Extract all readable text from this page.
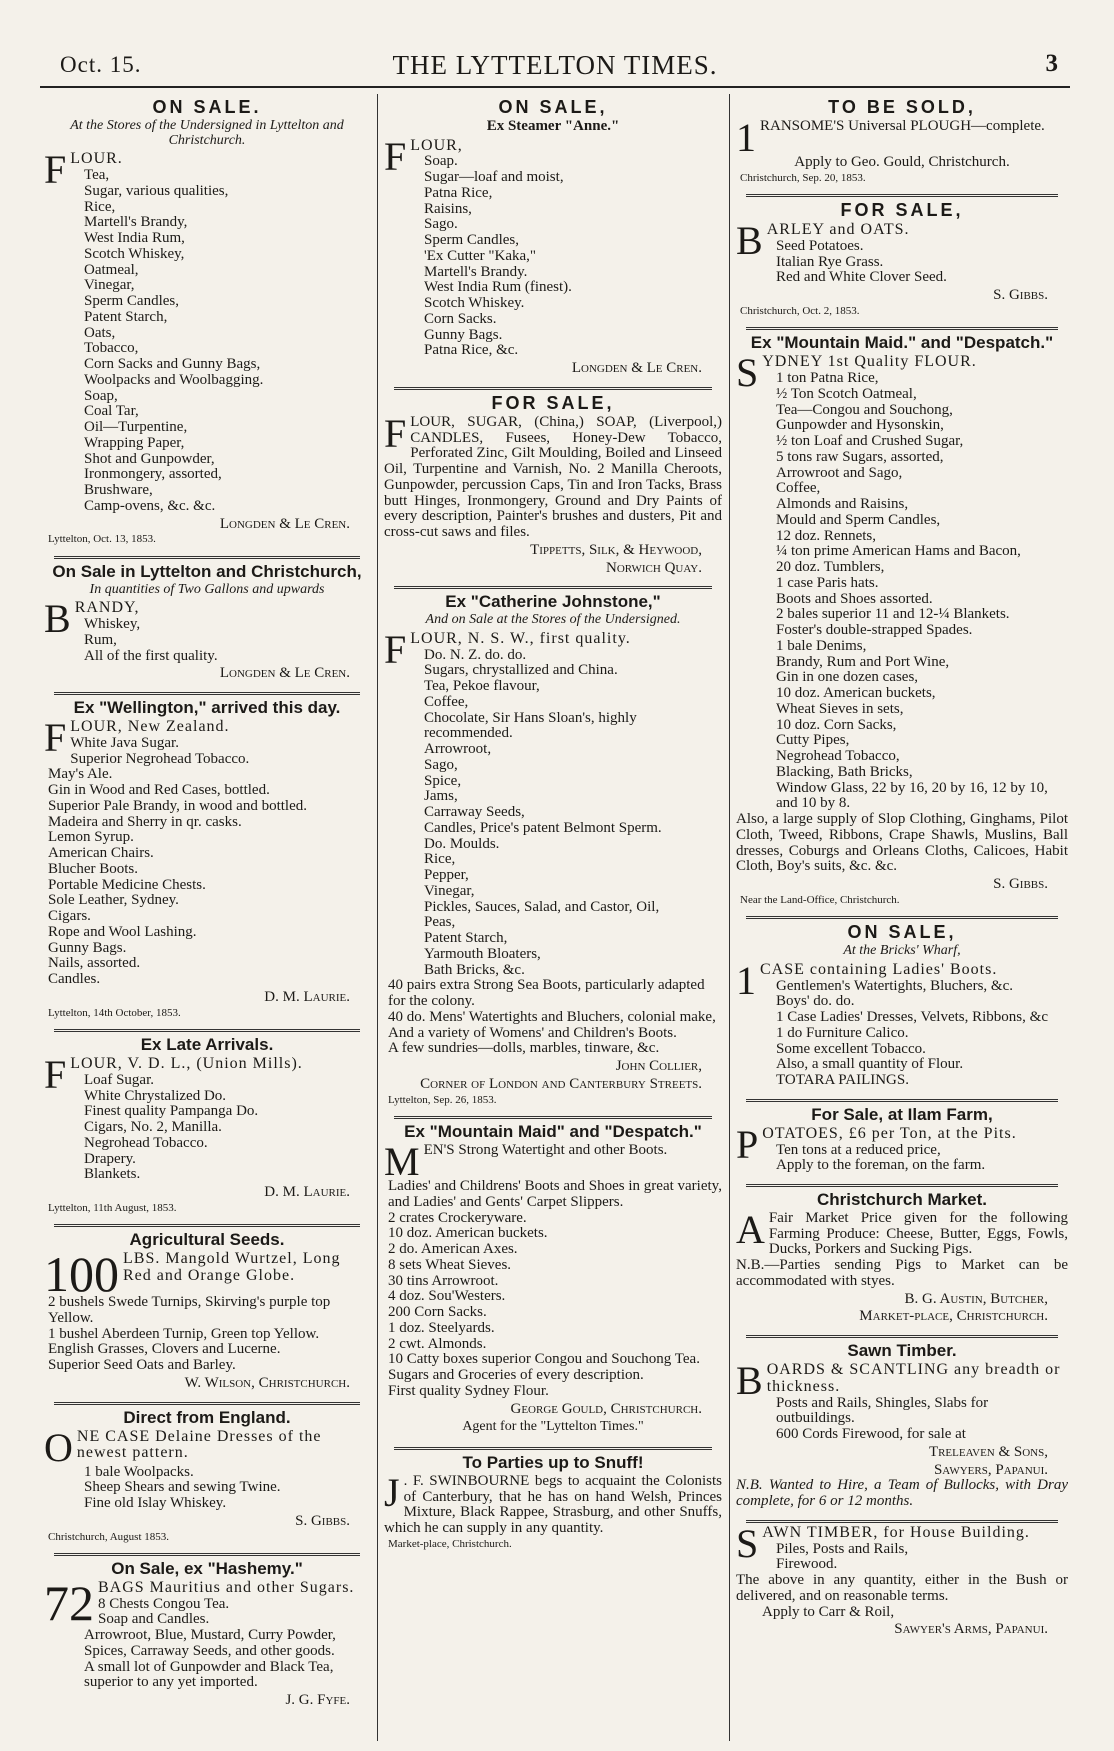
Oct. 15.	THE LYTTELTON TIMES.	3
ON SALE.
At the Stores of the Undersigned in Lyttelton and Christchurch.
F LOUR.
Tea,
Sugar, various qualities,
Rice,
Martell's Brandy,
West India Rum,
Scotch Whiskey,
Oatmeal,
Vinegar,
Sperm Candles,
Patent Starch,
Oats,
Tobacco,
Corn Sacks and Gunny Bags,
Woolpacks and Woolbagging.
Soap,
Coal Tar,
Oil—Turpentine,
Wrapping Paper,
Shot and Gunpowder,
Ironmongery, assorted,
Brushware,
Camp-ovens, &c. &c.
Longden & Le Cren.
Lyttelton, Oct. 13, 1853.
On Sale in Lyttelton and Christchurch,
In quantities of Two Gallons and upwards
B RANDY,
Whiskey,
Rum,
All of the first quality.
Longden & Le Cren.
Ex "Wellington," arrived this day.
F LOUR, New Zealand.
White Java Sugar.
Superior Negrohead Tobacco.
May's Ale.
Gin in Wood and Red Cases, bottled.
Superior Pale Brandy, in wood and bottled.
Madeira and Sherry in qr. casks.
Lemon Syrup.
American Chairs.
Blucher Boots.
Portable Medicine Chests.
Sole Leather, Sydney.
Cigars.
Rope and Wool Lashing.
Gunny Bags.
Nails, assorted.
Candles.
D. M. Laurie.
Lyttelton, 14th October, 1853.
Ex Late Arrivals.
F LOUR, V. D. L., (Union Mills).
Loaf Sugar.
White Chrystalized Do.
Finest quality Pampanga Do.
Cigars, No. 2, Manilla.
Negrohead Tobacco.
Drapery.
Blankets.
D. M. Laurie.
Lyttelton, 11th August, 1853.
Agricultural Seeds.
100 LBS. Mangold Wurtzel, Long Red and Orange Globe.
2 bushels Swede Turnips, Skirving's purple top Yellow.
1 bushel Aberdeen Turnip, Green top Yellow.
English Grasses, Clovers and Lucerne.
Superior Seed Oats and Barley.
W. Wilson, Christchurch.
Direct from England.
O NE CASE Delaine Dresses of the newest pattern.
1 bale Woolpacks.
Sheep Shears and sewing Twine.
Fine old Islay Whiskey.
S. Gibbs.
Christchurch, August 1853.
On Sale, ex "Hashemy."
72 BAGS Mauritius and other Sugars.
8 Chests Congou Tea.
Soap and Candles.
Arrowroot, Blue, Mustard, Curry Powder, Spices, Carraway Seeds, and other goods.
A small lot of Gunpowder and Black Tea, superior to any yet imported.
J. G. Fyfe.
ON SALE,
Ex Steamer "Anne."
F LOUR,
Soap.
Sugar—loaf and moist,
Patna Rice,
Raisins,
Sago.
Sperm Candles,
'Ex Cutter "Kaka,"
Martell's Brandy.
West India Rum (finest).
Scotch Whiskey.
Corn Sacks.
Gunny Bags.
Patna Rice, &c.
Longden & Le Cren.
FOR SALE,
F LOUR, SUGAR, (China,) SOAP, (Liverpool,) CANDLES, Fusees, Honey-Dew Tobacco, Perforated Zinc, Gilt Moulding, Boiled and Linseed Oil, Turpentine and Varnish, No. 2 Manilla Cheroots, Gunpowder, percussion Caps, Tin and Iron Tacks, Brass butt Hinges, Ironmongery, Ground and Dry Paints of every description, Painter's brushes and dusters, Pit and cross-cut saws and files.
Tippetts, Silk, & Heywood,
Norwich Quay.
Ex "Catherine Johnstone,"
And on Sale at the Stores of the Undersigned.
F LOUR, N. S. W., first quality.
Do. N. Z. do. do.
Sugars, chrystallized and China.
Tea, Pekoe flavour,
Coffee,
Chocolate, Sir Hans Sloan's, highly recommended.
Arrowroot,
Sago,
Spice,
Jams,
Carraway Seeds,
Candles, Price's patent Belmont Sperm.
Do. Moulds.
Rice,
Pepper,
Vinegar,
Pickles, Sauces, Salad, and Castor, Oil,
Peas,
Patent Starch,
Yarmouth Bloaters,
Bath Bricks, &c.
40 pairs extra Strong Sea Boots, particularly adapted for the colony.
40 do. Mens' Watertights and Bluchers, colonial make,
And a variety of Womens' and Children's Boots.
A few sundries—dolls, marbles, tinware, &c.
John Collier,
Corner of London and Canterbury Streets.
Lyttelton, Sep. 26, 1853.
Ex "Mountain Maid" and "Despatch."
M EN'S Strong Watertight and other Boots.
Ladies' and Childrens' Boots and Shoes in great variety, and Ladies' and Gents' Carpet Slippers.
2 crates Crockeryware.
10 doz. American buckets.
2 do. American Axes.
8 sets Wheat Sieves.
30 tins Arrowroot.
4 doz. Sou'Westers.
200 Corn Sacks.
1 doz. Steelyards.
2 cwt. Almonds.
10 Catty boxes superior Congou and Souchong Tea.
Sugars and Groceries of every description.
First quality Sydney Flour.
George Gould, Christchurch.
Agent for the "Lyttelton Times."
To Parties up to Snuff!
J . F. SWINBOURNE begs to acquaint the Colonists of Canterbury, that he has on hand Welsh, Princes Mixture, Black Rappee, Strasburg, and other Snuffs, which he can supply in any quantity.
Market-place, Christchurch.
TO BE SOLD,
1 RANSOME'S Universal PLOUGH—complete.
Apply to Geo. Gould, Christchurch.
Christchurch, Sep. 20, 1853.
FOR SALE,
B ARLEY and OATS.
Seed Potatoes.
Italian Rye Grass.
Red and White Clover Seed.
S. Gibbs.
Christchurch, Oct. 2, 1853.
Ex "Mountain Maid." and "Despatch."
S YDNEY 1st Quality FLOUR.
1 ton Patna Rice,
½ Ton Scotch Oatmeal,
Tea—Congou and Souchong,
Gunpowder and Hysonskin,
½ ton Loaf and Crushed Sugar,
5 tons raw Sugars, assorted,
Arrowroot and Sago,
Coffee,
Almonds and Raisins,
Mould and Sperm Candles,
12 doz. Rennets,
¼ ton prime American Hams and Bacon,
20 doz. Tumblers,
1 case Paris hats.
Boots and Shoes assorted.
2 bales superior 11 and 12-¼ Blankets.
Foster's double-strapped Spades.
1 bale Denims,
Brandy, Rum and Port Wine,
Gin in one dozen cases,
10 doz. American buckets,
Wheat Sieves in sets,
10 doz. Corn Sacks,
Cutty Pipes,
Negrohead Tobacco,
Blacking, Bath Bricks,
Window Glass, 22 by 16, 20 by 16, 12 by 10, and 10 by 8.
Also, a large supply of Slop Clothing, Ginghams, Pilot Cloth, Tweed, Ribbons, Crape Shawls, Muslins, Ball dresses, Coburgs and Orleans Cloths, Calicoes, Habit Cloth, Boy's suits, &c. &c.
S. Gibbs.
Near the Land-Office, Christchurch.
ON SALE,
At the Bricks' Wharf,
1 CASE containing Ladies' Boots.
Gentlemen's Watertights, Bluchers, &c.
Boys' do. do.
1 Case Ladies' Dresses, Velvets, Ribbons, &c
1 do Furniture Calico.
Some excellent Tobacco.
Also, a small quantity of Flour.
TOTARA PAILINGS.
For Sale, at Ilam Farm,
P OTATOES, £6 per Ton, at the Pits.
Ten tons at a reduced price,
Apply to the foreman, on the farm.
Christchurch Market.
A Fair Market Price given for the following Farming Produce: Cheese, Butter, Eggs, Fowls, Ducks, Porkers and Sucking Pigs.
N.B.—Parties sending Pigs to Market can be accommodated with styes.
B. G. Austin, Butcher,
Market-place, Christchurch.
Sawn Timber.
B OARDS & SCANTLING any breadth or thickness.
Posts and Rails, Shingles, Slabs for outbuildings.
600 Cords Firewood, for sale at
Treleaven & Sons,
Sawyers, Papanui.
N.B. Wanted to Hire, a Team of Bullocks, with Dray complete, for 6 or 12 months.
S AWN TIMBER, for House Building.
Piles, Posts and Rails,
Firewood.
The above in any quantity, either in the Bush or delivered, and on reasonable terms.
Apply to Carr & Roil,
Sawyer's Arms, Papanui.
